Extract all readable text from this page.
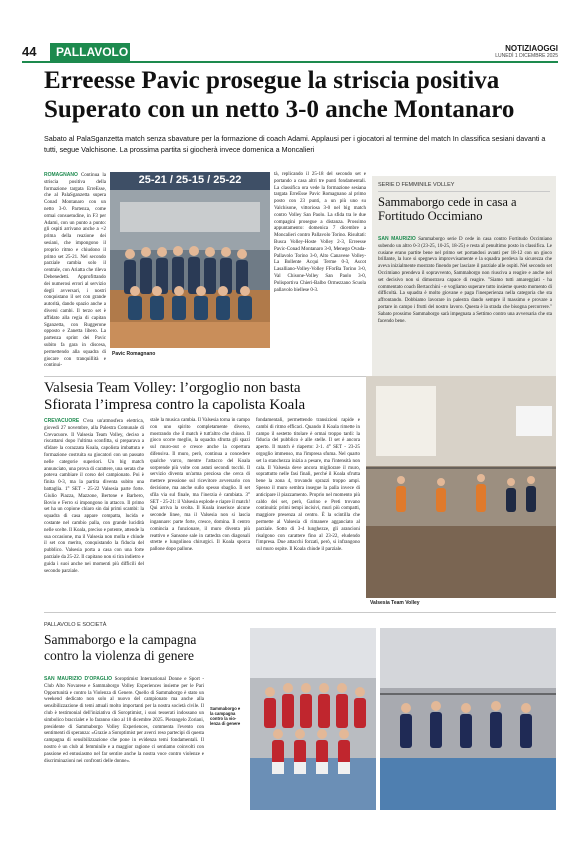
44	PALLAVOLO	NOTIZIAOGGI
LUNEDÌ 1 DICEMBRE 2025
Erreesse Pavic prosegue la striscia positiva
Superato con un netto 3-0 anche Montanaro
Sabato al PalaSganzetta match senza sbavature per la formazione di coach Adami. Applausi per i giocatori al termine del match In classifica sesiani davanti a tutti, segue Valchisone. La prossima partita si giocherà invece domenica a Moncalieri
ROMAGNANO Continua la striscia positiva della formazione targata ErreEsse, che al PalaSganzetta supera Conad Montanaro con un netto 3-0. Partenza, come ormai consuetudine, in F3 per Adami, con un punto a punto: gli ospiti arrivano anche a +2 prima della reazione dei sesiani, che impongono il proprio ritmo e chiudono il primo set 25-21. Nel secondo parziale cambia solo il centrale, con Ariatta che rileva Debenedetti. Approfittando dei numerosi errori al servizio degli avversari, i nostri conquistano il set con grande autorità, dando spazio anche a diversi cambi. Il terzo set è affidato alla regia di capitan Sganzetta, con Ruggerone opposto e Zanetta libero. La partenza sprint dei Pavic subito fa gara in discesa, permettendo alla squadra di giocare con tranquillità e continui-
25-21 / 25-15 / 25-22
Pavic Romagnano
tà, replicando il 25-18 del secondo set e portando a casa altri tre punti fondamentali. La classifica ora vede la formazione sesiana targata ErreEsse Pavic Romagnano al primo posto con 23 punti, a un più uno su Valchisone, vittoriosa 3-0 nel big match contro Volley San Paolo. La sfida tra le due compagini prosegue a distanza. Prossimo appuntamento: domenica 7 dicembre a Moncalieri contro Pallavolo Torino. Risultati: Busca Volley-Hoste Volley 2-3, Erreesse Pavic-Conad Montanaro 3-0, Menego Ovada-Pallavolo Torino 3-0, Alto Canavese Volley-La Bollente Acqui Terme 0-3, Ascot Lasalliano-Volley-Volley FForBa Torino 3-0, Val Chisone-Volley San Paolo 3-0, Polisportiva Chieri-Balbo Ormezzano Scuola pallavolo biellese 0-3.
SERIE D FEMMINILE VOLLEY
Sammaborgo cede in casa a Fortitudo Occimiano
SAN MAURIZIO Sammaborgo serie D cede in casa contro Fortitudo Occimiano subendo un altro 0-3 (23-25, 10-25, 18-25) e resta al penultimo posto in classifica. Le cusiane erano partite bene nel primo set portandosi avanti per 18-12 con un gioco brillante, la luce si spegneva improvvisamente e la squadra perdeva la sicurezza che aveva inizialmente mostrato finendo per lasciare il parziale alle ospiti. Nel secondo set Occimiano prendeva il sopravvento, Sammaborgo non riusciva a reagire e anche nel set decisivo non si dimostrava capace di reagire. "Siamo tutti amareggiati - ha commentato coach Bertacchini - e vogliamo superare tutto insieme questo momento di difficoltà. La squadra è molto giovane e paga l'inesperienza nella categoria che sta affrontando. Dobbiamo lavorare in palestra dando sempre il massimo e provare a portare in campo i frutti del nostro lavoro. Questa è la strada che bisogna percorrere." Sabato prossimo Sammaborgo sarà impegnata a Settimo contro una avversaria che sta facendo bene.
Valsesia Team Volley: l’orgoglio non basta
Sfiorata l’impresa contro la capolista Koala
CREVACUORE C'era un'atmosfera elettrica, giovedì 27 novembre, alla Palestra Comunale di Crevacuore. Il Valsesia Team Volley, deciso a riscattarsi dopo l'ultima sconfitta, si preparava a sfidare la corazzata Koala, capolista imbattuta e formazione costruita su giocatori con un passato nelle categorie superiori. Un big match annunciato, una prova di carattere, una serata che poteva cambiare il corso del campionato. Poi è finita 0-3, ma la partita diventa subito una battaglia. 1° SET - 25-22 Valsesia parte forte. Giulio Piazza, Mazzone, Bertone e Barbero, Bovio e Ferro si impongono in attacco. Il primo set ha un copione chiaro sin dai primi scambi: la squadra di casa appare compatta, lucida e costante nel cambio palla, con grande lucidità nelle scelte. Il Koala, preciso e potente, attende la sua occasione, ma il Valsesia non molla e chiude il set con merito, conquistando la fiducia del pubblico. Valsesia porta a casa con una forte parziale da 25-22. Il capitano non si tira indietro e guida i suoi anche nei momenti più difficili del secondo parziale.
stale la musica cambia. Il Valsesia torna in campo con uno spirito completamente diverso, mostrando che il match è tutt'altro che chiuso. Il gioco scorre meglio, la squadra sfrutta gli spazi sul muro-out e cresce anche la copertura difensiva. Il muro, però, continua a concedere qualche varco, mentre l'attacco del Koala sorprende più volte con astuti secondi tocchi. Il servizio diventa un'arma preziosa che cerca di mettere pressione sul ricevitore avversario con decisione, ma anche sullo spesso sbaglio. Il set sfila via sul finale, ma l'inerzia è cambiata. 3° SET - 25-21: il Valsesia esplode e riapre il match! Qui arriva la svolta. Il Koala inserisce alcune seconde linee, ma il Valsesia non si lascia ingannare: parte forte, cresce, domina. Il centro comincia a funzionare, il muro diventa più reattivo e Sansone sale in cattedra con diagonali strette e lungolinea chirurgici. Il Koala sporca pallone dopo pallone.
fondamentali, permettendo transizioni rapide e cambi di ritmo efficaci. Quando il Koala rimette in campo il sestetto titolare è ormai troppo tardi: la fiducia del pubblico è alle stelle. Il set è ancora aperto. Il match è riaperto: 2-1. 4° SET - 23-25 orgoglio immenso, ma l'impresa sfuma. Nel quarto set la stanchezza inizia a pesare, ma l'intensità non cala. Il Valsesia deve ancora migliorare il muro, soprattutto nelle fasi finali, perché il Koala sfrutta bene la zona 4, trovando sprazzi troppo ampi. Spesso il muro sembra insegue la palla invece di anticipare il piazzamento. Proprio nel momento più caldo dei set, però, Garino e Preti trovano continuità: primi tempi incisivi, muri più compatti, maggiore presenza al centro. È la scintilla che permette al Valsesia di rimanere agganciato al parziale. Sotto di 3-4 lunghezze, gli arancioni risalgono con carattere fino al 23-22, eludendo l'impresa. Due attacchi forzati, però, si infrangono sul muro ospite. Il Koala chiude il parziale.
Valsesia Team Volley
PALLAVOLO E SOCIETÀ
Sammaborgo e la campagna
contro la violenza di genere
SAN MAURIZIO D'OPAGLIO Soroptimist International Donne e Sport - Club Alto Novarese e Sammaborgo Volley Experiences insieme per le Pari Opportunità e contro la Violenza di Genere. Quello di Sammaborgo è stato un weekend dedicato non solo al nuovo del campionato ma anche alla sensibilizzazione di temi attuali molto importanti per la nostra società civile. Il club è testimonial dell'iniziativa di Soroptimist, i suoi tesserati indossano un simbolico braccialet e lo faranno sino al 10 dicembre 2025. Pierangelo Zoriani, presidente di Sammaborgo Volley Experiences, commenta l'evento con sentimenti di speranza: «Grazie a Soroptimist per averci reso partecipi di questa campagna di sensibilizzazione che pone in evidenza temi fondamentali. Il nostro è un club al femminile e a maggior ragione ci sentiamo coinvolti con passione ed entusiasmo nel far sentire anche la nostra voce contro violenze e discriminazioni nei confronti delle donne».
Sammaborgo e
la campagna
contro la vio-
lenza di genere
